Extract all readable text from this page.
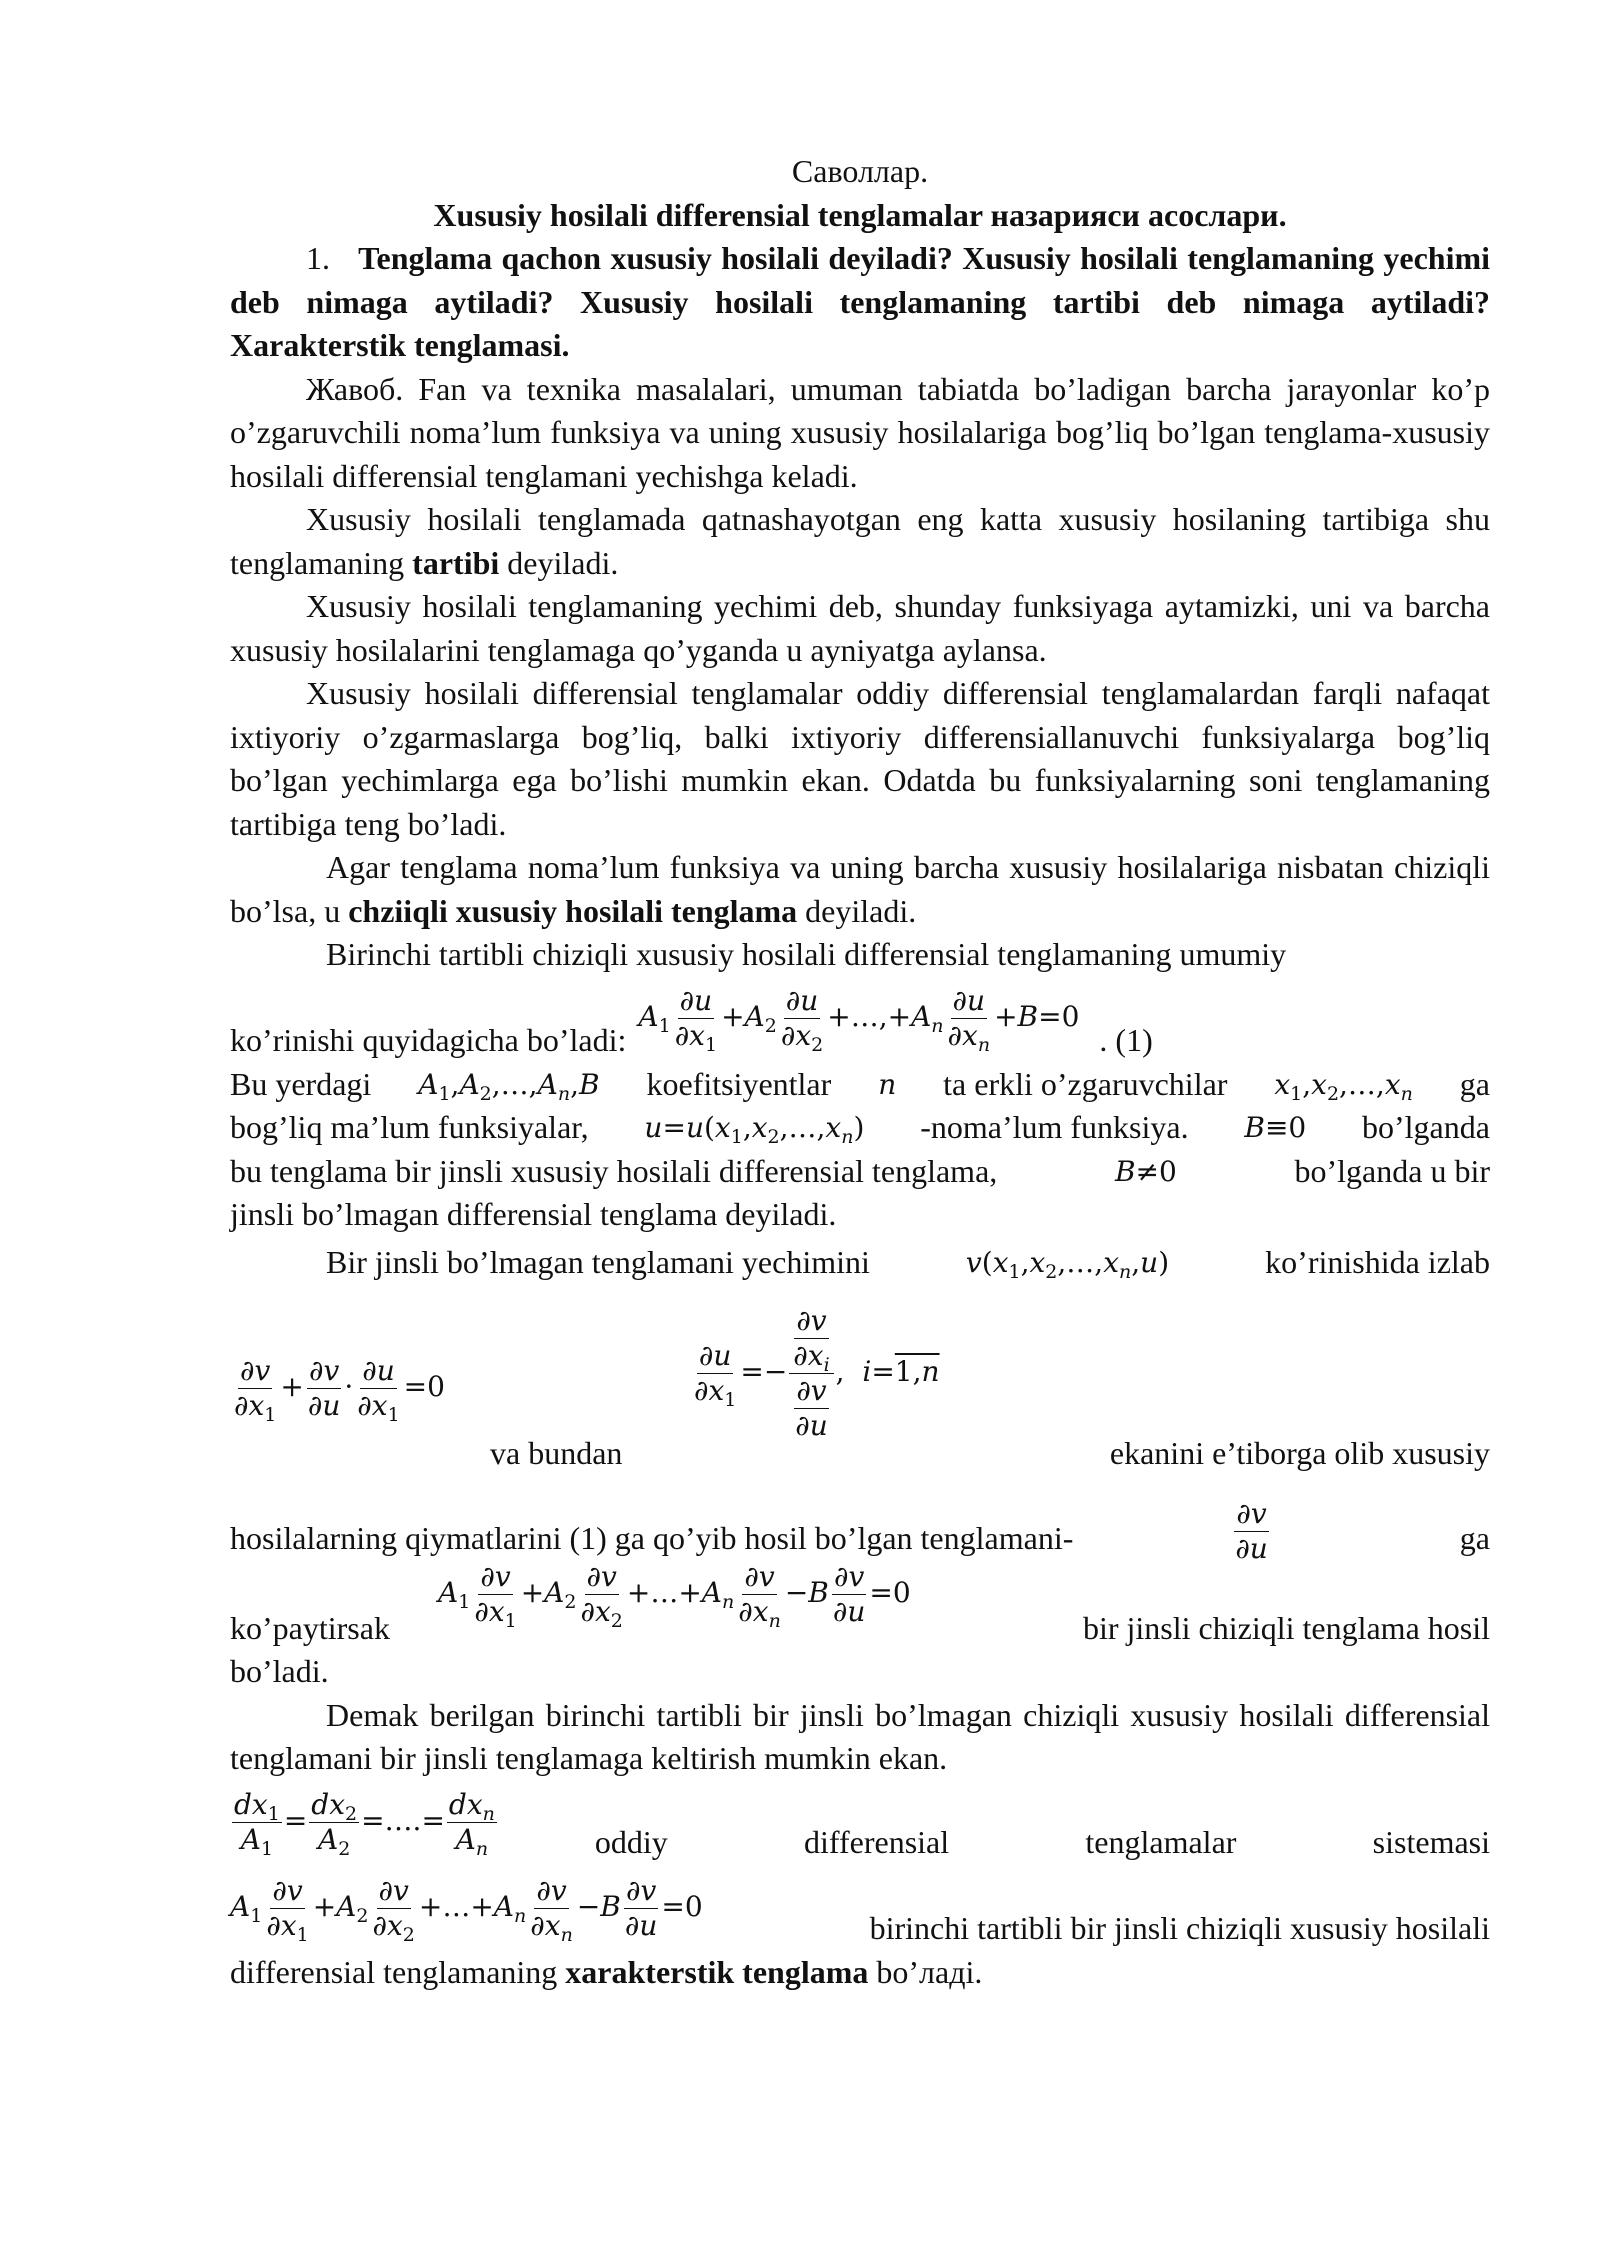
Саволлар.
Xususiy hosilali differensial tenglamalar назарияси асослари.

1. Tenglama qachon xususiy hosilali deyiladi? Xususiy hosilali tenglamaning yechimi deb nimaga aytiladi? Xususiy hosilali tenglamaning tartibi deb nimaga aytiladi? Xarakterstik tenglamasi.

Жавоб. Fan va texnika masalalari, umuman tabiatda bo’ladigan barcha jarayonlar ko’p o’zgaruvchili noma’lum funksiya va uning xususiy hosilalariga bog’liq bo’lgan tenglama-xususiy hosilali differensial tenglamani yechishga keladi.

Xususiy hosilali tenglamada qatnashayotgan eng katta xususiy hosilaning tartibiga shu tenglamaning tartibi deyiladi.

Xususiy hosilali tenglamaning yechimi deb, shunday funksiyaga aytamizki, uni va barcha xususiy hosilalarini tenglamaga qo’yganda u ayniyatga aylansa.

Xususiy hosilali differensial tenglamalar oddiy differensial tenglamalardan farqli nafaqat ixtiyoriy o’zgarmaslarga bog’liq, balki ixtiyoriy differensiallanuvchi funksiyalarga bog’liq bo’lgan yechimlarga ega bo’lishi mumkin ekan. Odatda bu funksiyalarning soni tenglamaning tartibiga teng bo’ladi.

Agar tenglama noma’lum funksiya va uning barcha xususiy hosilalariga nisbatan chiziqli bo’lsa, u chziiqli xususiy hosilali tenglama deyiladi.

Birinchi tartibli chiziqli xususiy hosilali differensial tenglamaning umumiy

ko’rinishi quyidagicha bo’ladi:
$A_1 \frac{\partial u}{\partial x_1} +A_2 \frac{\partial u}{\partial x_2}$ $+\dots,+A_n \frac{\partial u}{\partial x_n} +B=0$
. (1)
Bu yerdagi $A_1,A_2,\dots,A_n,B$ koefitsiyentlar n ta erkli o’zgaruvchilar $x_1,x_2,\dots,x_n$ ga
bog’liq ma’lum funksiyalar, $u=u(x_1,x_2,\dots,x_n)$ -noma’lum funksiya. B≡0 bo’lganda
bu tenglama bir jinsli xususiy hosilali differensial tenglama,	B≠0	bo’lganda u bir
jinsli bo’lmagan differensial tenglama deyiladi.
Bir jinsli bo’lmagan tenglamani yechimini	$v(x_1,x_2,\dots,x_n,u)$	ko’rinishida izlab
$\frac{\partial v}{\partial x_1} + \frac{\partial v}{\partial u} \cdot \frac{\partial u}{\partial x_1} =0$
va bundan
$\frac{\partial u}{\partial x_1} =- \frac{\frac{\partial v}{\partial x_i}}{\frac{\partial v}{\partial u}}$ ,  i=1,n
ekanini e’tiborga olib xususiy
hosilalarning qiymatlarini (1) ga qo’yib hosil bo’lgan tenglamani-	$\frac{\partial v}{\partial u}$	ga
ko’paytirsak
$A_1 \frac{\partial v}{\partial x_1} +A_2 \frac{\partial v}{\partial x_2}$ $+\dots+A_n \frac{\partial v}{\partial x_n} -B \frac{\partial v}{\partial u} =0$
bir jinsli chiziqli tenglama hosil
bo’ladi.

Demak berilgan birinchi tartibli bir jinsli bo’lmagan chiziqli xususiy hosilali differensial tenglamani bir jinsli tenglamaga keltirish mumkin ekan.

$\frac{dx_1}{A_1} = \frac{dx_2}{A_2}$ =….= $\frac{dx_n}{A_n}$	oddiy differensial tenglamalar sistemasi
$A_1 \frac{\partial v}{\partial x_1} +A_2 \frac{\partial v}{\partial x_2}$ $+\dots+A_n \frac{\partial v}{\partial x_n} -B \frac{\partial v}{\partial u} =0$
birinchi tartibli bir jinsli chiziqli xususiy hosilali
differensial tenglamaning xarakterstik tenglama bo’лaді.
